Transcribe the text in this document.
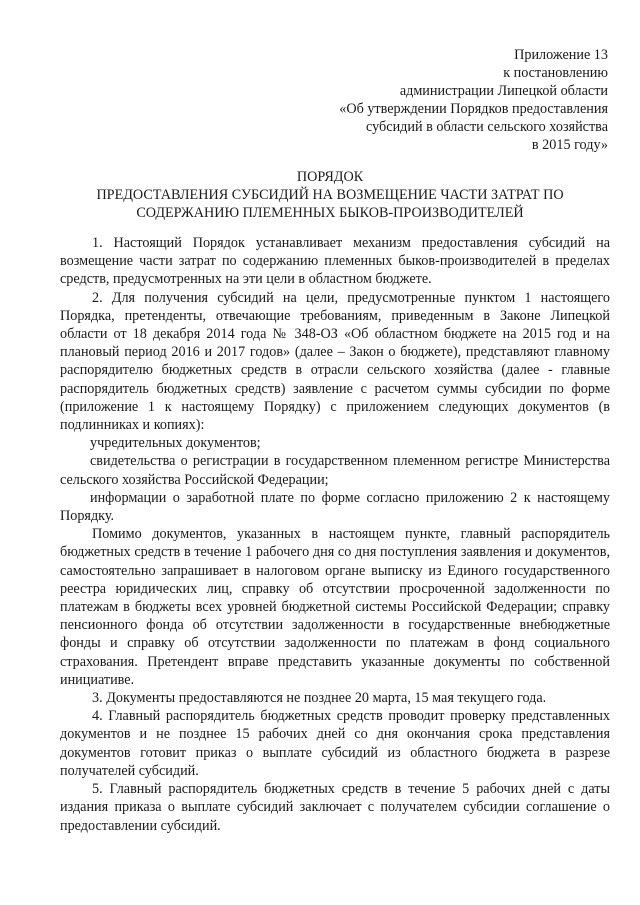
Приложение 13
к постановлению
администрации Липецкой области
«Об утверждении Порядков предоставления
субсидий в области сельского хозяйства
в 2015 году»
ПОРЯДОК
ПРЕДОСТАВЛЕНИЯ СУБСИДИЙ НА ВОЗМЕЩЕНИЕ ЧАСТИ ЗАТРАТ ПО
СОДЕРЖАНИЮ ПЛЕМЕННЫХ БЫКОВ-ПРОИЗВОДИТЕЛЕЙ

1. Настоящий Порядок устанавливает механизм предоставления субсидий на возмещение части затрат по содержанию племенных быков-производителей в пределах средств, предусмотренных на эти цели в областном бюджете.

2. Для получения субсидий на цели, предусмотренные пунктом 1 настоящего Порядка, претенденты, отвечающие требованиям, приведенным в Законе Липецкой области от 18 декабря 2014 года № 348-ОЗ «Об областном бюджете на 2015 год и на плановый период 2016 и 2017 годов» (далее – Закон о бюджете), представляют главному распорядителю бюджетных средств в отрасли сельского хозяйства (далее - главные распорядитель бюджетных средств) заявление с расчетом суммы субсидии по форме (приложение 1 к настоящему Порядку) с приложением следующих документов (в подлинниках и копиях):

учредительных документов;

свидетельства о регистрации в государственном племенном регистре Министерства сельского хозяйства Российской Федерации;

информации о заработной плате по форме согласно приложению 2 к настоящему Порядку.

Помимо документов, указанных в настоящем пункте, главный распорядитель бюджетных средств в течение 1 рабочего дня со дня поступления заявления и документов, самостоятельно запрашивает в налоговом органе выписку из Единого государственного реестра юридических лиц, справку об отсутствии просроченной задолженности по платежам в бюджеты всех уровней бюджетной системы Российской Федерации; справку пенсионного фонда об отсутствии задолженности в государственные внебюджетные фонды и справку об отсутствии задолженности по платежам в фонд социального страхования. Претендент вправе представить указанные документы по собственной инициативе.

3. Документы предоставляются не позднее 20 марта, 15 мая текущего года.

4. Главный распорядитель бюджетных средств проводит проверку представленных документов и не позднее 15 рабочих дней со дня окончания срока представления документов готовит приказ о выплате субсидий из областного бюджета в разрезе получателей субсидий.

5. Главный распорядитель бюджетных средств в течение 5 рабочих дней с даты издания приказа о выплате субсидий заключает с получателем субсидии соглашение о предоставлении субсидий.
